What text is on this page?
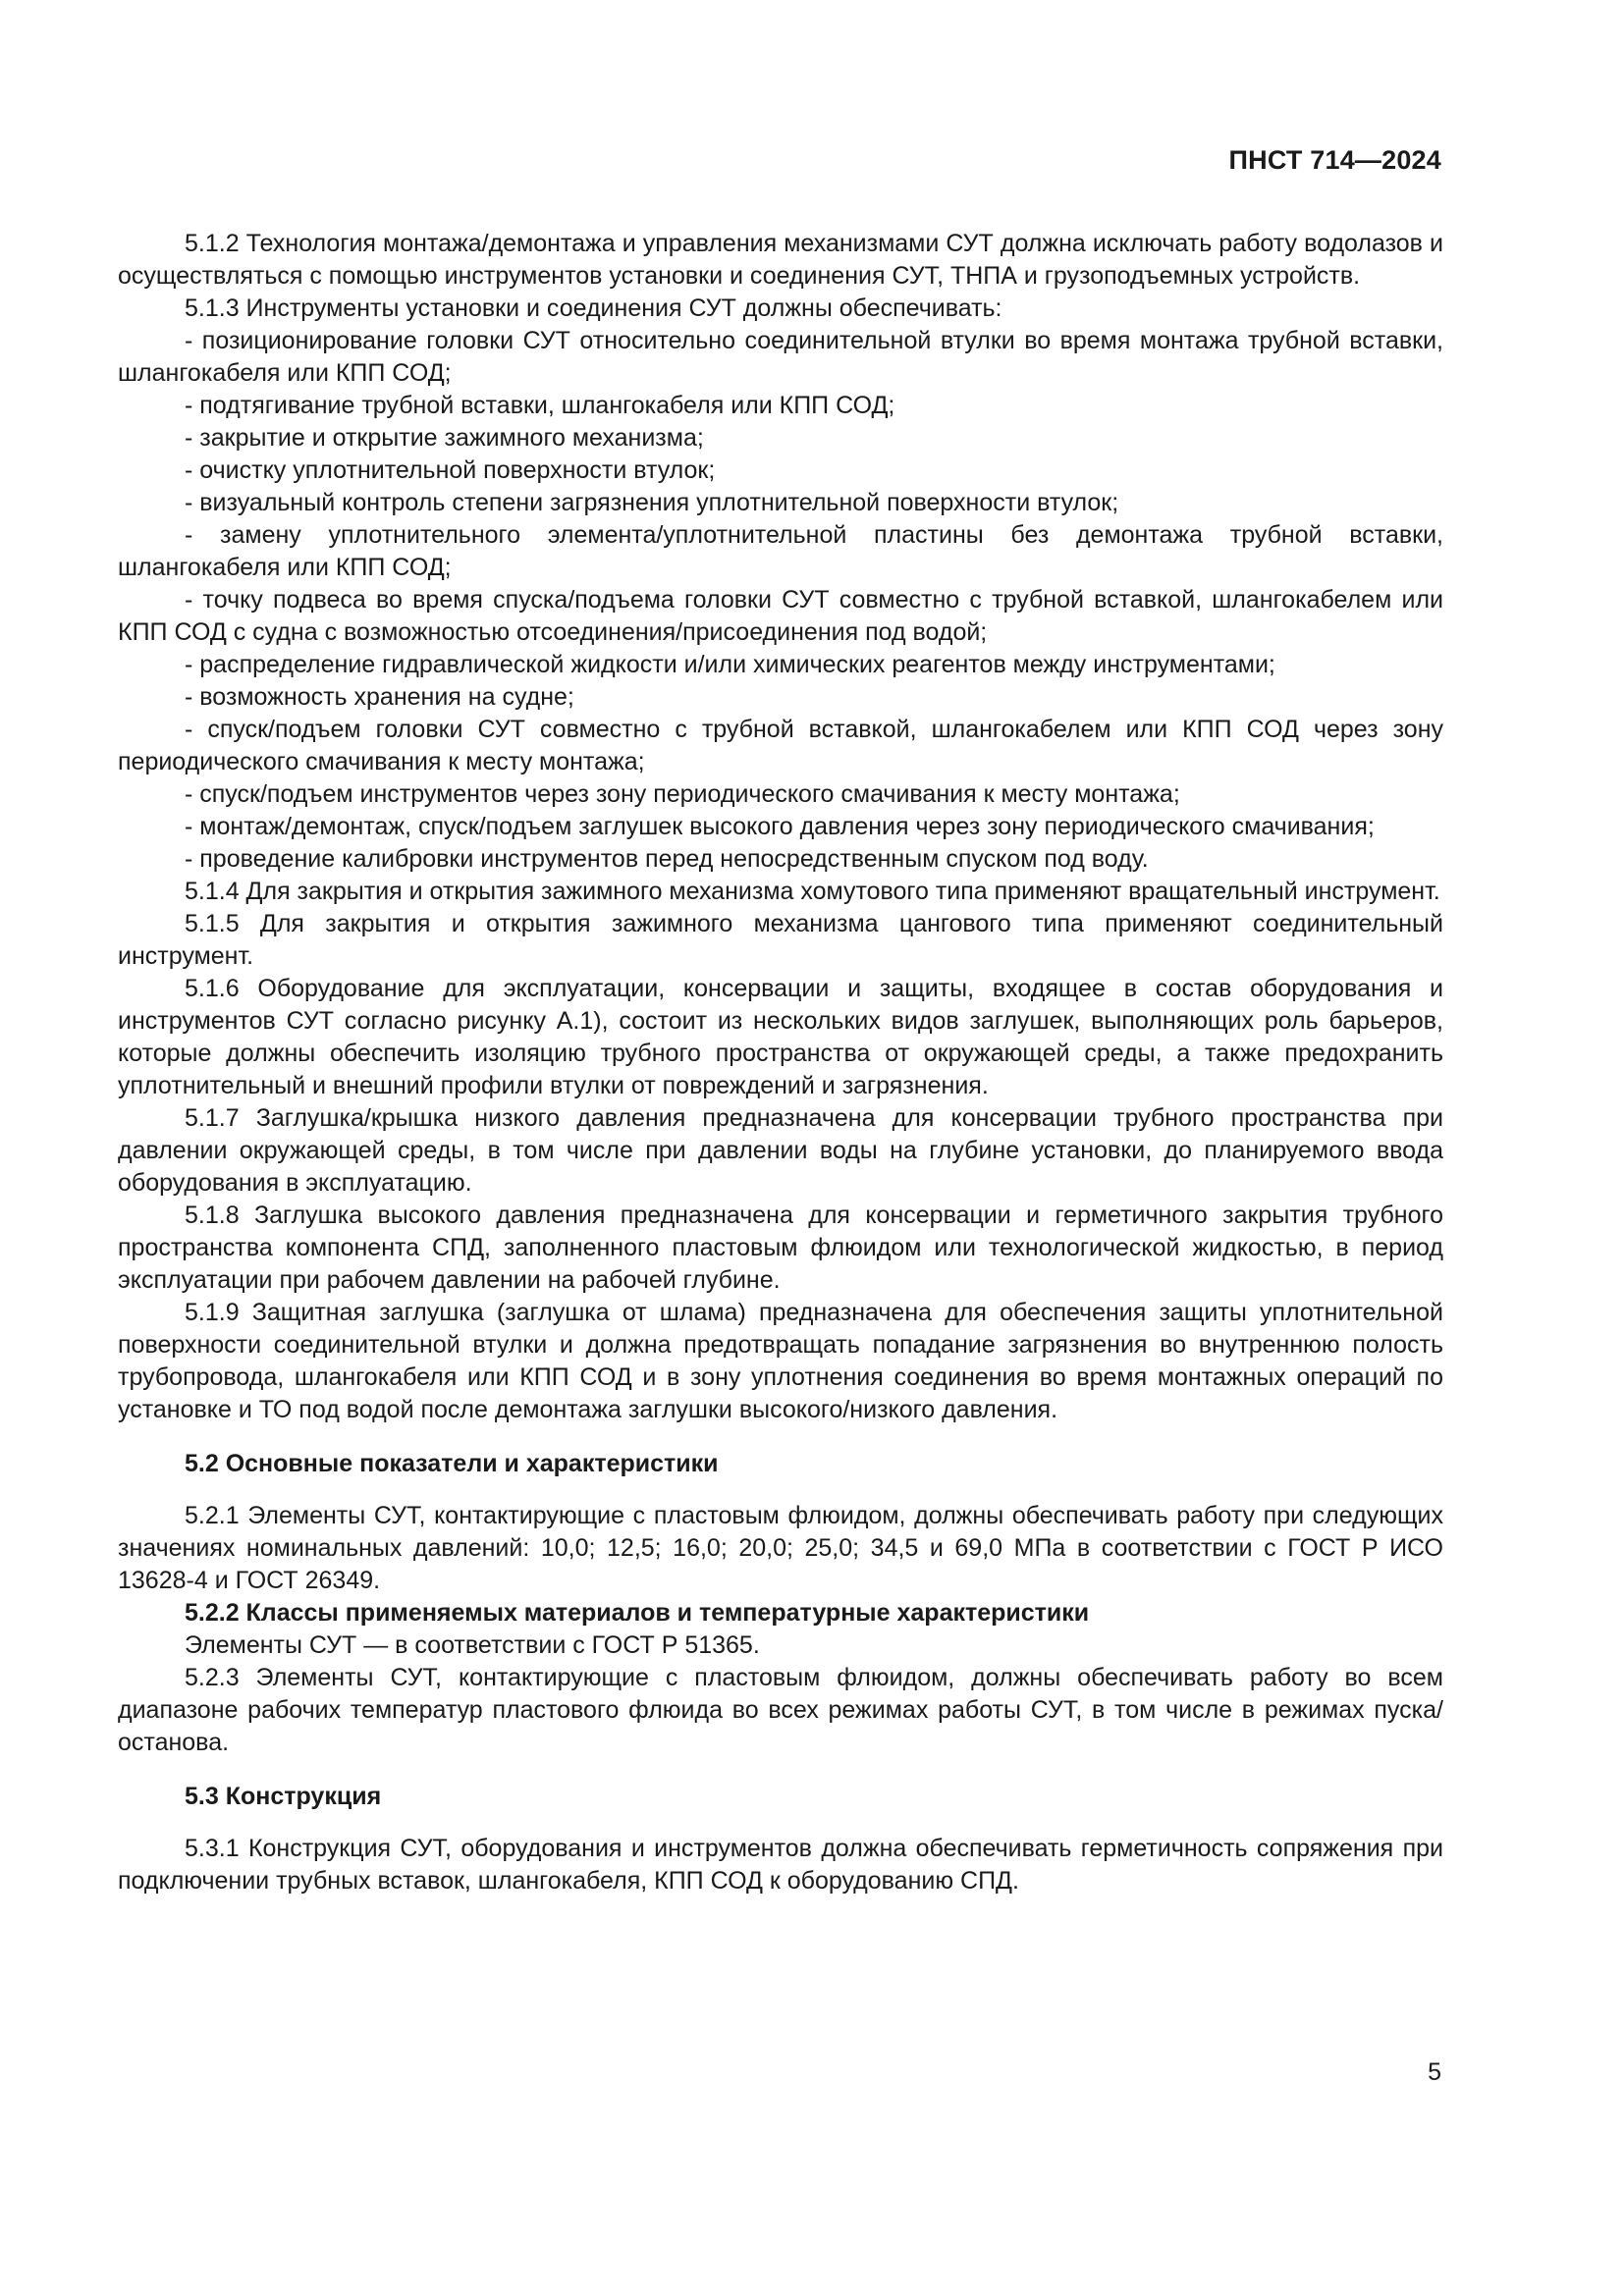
ПНСТ 714—2024

5.1.2 Технология монтажа/демонтажа и управления механизмами СУТ должна исключать работу водолазов и осуществляться с помощью инструментов установки и соединения СУТ, ТНПА и грузоподъемных устройств.

5.1.3 Инструменты установки и соединения СУТ должны обеспечивать:

- позиционирование головки СУТ относительно соединительной втулки во время монтажа трубной вставки, шлангокабеля или КПП СОД;

- подтягивание трубной вставки, шлангокабеля или КПП СОД;

- закрытие и открытие зажимного механизма;

- очистку уплотнительной поверхности втулок;

- визуальный контроль степени загрязнения уплотнительной поверхности втулок;

- замену уплотнительного элемента/уплотнительной пластины без демонтажа трубной вставки, шлангокабеля или КПП СОД;

- точку подвеса во время спуска/подъема головки СУТ совместно с трубной вставкой, шлангокабелем или КПП СОД с судна с возможностью отсоединения/присоединения под водой;

- распределение гидравлической жидкости и/или химических реагентов между инструментами;

- возможность хранения на судне;

- спуск/подъем головки СУТ совместно с трубной вставкой, шлангокабелем или КПП СОД через зону периодического смачивания к месту монтажа;

- спуск/подъем инструментов через зону периодического смачивания к месту монтажа;

- монтаж/демонтаж, спуск/подъем заглушек высокого давления через зону периодического смачивания;

- проведение калибровки инструментов перед непосредственным спуском под воду.

5.1.4 Для закрытия и открытия зажимного механизма хомутового типа применяют вращательный инструмент.

5.1.5 Для закрытия и открытия зажимного механизма цангового типа применяют соединительный инструмент.

5.1.6 Оборудование для эксплуатации, консервации и защиты, входящее в состав оборудования и инструментов СУТ согласно рисунку А.1), состоит из нескольких видов заглушек, выполняющих роль барьеров, которые должны обеспечить изоляцию трубного пространства от окружающей среды, а также предохранить уплотнительный и внешний профили втулки от повреждений и загрязнения.

5.1.7 Заглушка/крышка низкого давления предназначена для консервации трубного пространства при давлении окружающей среды, в том числе при давлении воды на глубине установки, до планируемого ввода оборудования в эксплуатацию.

5.1.8 Заглушка высокого давления предназначена для консервации и герметичного закрытия трубного пространства компонента СПД, заполненного пластовым флюидом или технологической жидкостью, в период эксплуатации при рабочем давлении на рабочей глубине.

5.1.9 Защитная заглушка (заглушка от шлама) предназначена для обеспечения защиты уплотнительной поверхности соединительной втулки и должна предотвращать попадание загрязнения во внутреннюю полость трубопровода, шлангокабеля или КПП СОД и в зону уплотнения соединения во время монтажных операций по установке и ТО под водой после демонтажа заглушки высокого/низкого давления.

5.2 Основные показатели и характеристики

5.2.1 Элементы СУТ, контактирующие с пластовым флюидом, должны обеспечивать работу при следующих значениях номинальных давлений: 10,0; 12,5; 16,0; 20,0; 25,0; 34,5 и 69,0 МПа в соответствии с ГОСТ Р ИСО 13628-4 и ГОСТ 26349.

5.2.2 Классы применяемых материалов и температурные характеристики

Элементы СУТ — в соответствии с ГОСТ Р 51365.

5.2.3 Элементы СУТ, контактирующие с пластовым флюидом, должны обеспечивать работу во всем диапазоне рабочих температур пластового флюида во всех режимах работы СУТ, в том числе в режимах пуска/останова.

5.3 Конструкция

5.3.1 Конструкция СУТ, оборудования и инструментов должна обеспечивать герметичность сопряжения при подключении трубных вставок, шлангокабеля, КПП СОД к оборудованию СПД.

5
